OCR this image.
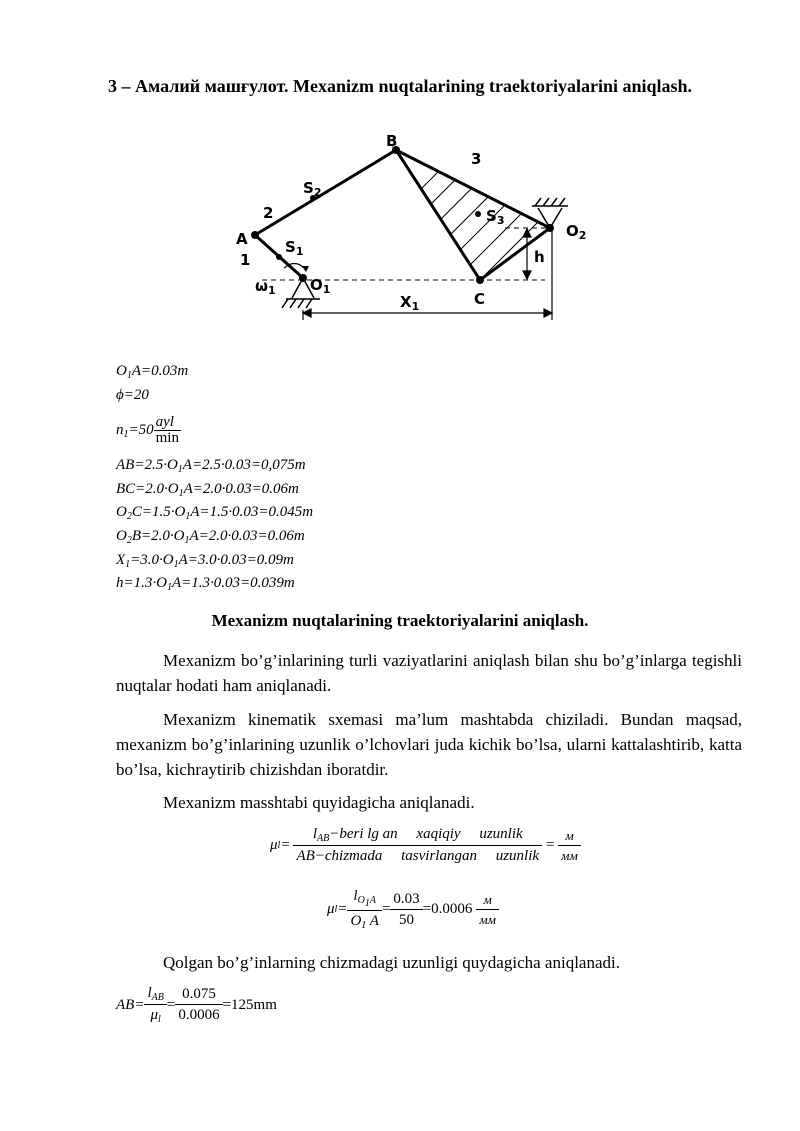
3 – Амалий машғулот. Mexanizm nuqtalarining traektoriyalarini aniqlash.
B
3
$S_2$
2	$S_3$
A	$O_2$
$S_1$	h
1
$\omega_1$ $O_1$
$X_1$	C
$O_1A=0.03m$
ϕ=20
$n_1=50 \frac{\text{ayl}}{\min}$
$AB=2.5\cdot O_1A=2.5\cdot 0.03=0,075m$
$BC=2.0\cdot O_1A=2.0\cdot 0.03=0.06m$
$O_2C=1.5\cdot O_1A=1.5\cdot 0.03=0.045m$
$O_2B=2.0\cdot O_1A=2.0\cdot 0.03=0.06m$
$X_1=3.0\cdot O_1A=3.0\cdot 0.03=0.09m$
$h=1.3\cdot O_1A=1.3\cdot 0.03=0.039m$
Mexanizm nuqtalarining traektoriyalarini aniqlash.
Mexanizm bo’g’inlarining turli vaziyatlarini aniqlash bilan shu bo’g’inlarga tegishli nuqtalar hodati ham aniqlanadi.
Mexanizm kinematik sxemasi ma’lum mashtabda chiziladi. Bundan maqsad, mexanizm bo’g’inlarining uzunlik o’lchovlari juda kichik bo’lsa, ularni kattalashtirib, katta bo’lsa, kichraytirib chizishdan iboratdir.
Mexanizm masshtabi quyidagicha aniqlanadi.
μ l =
$l_{AB}-beri$ lg an     xaqiqiy     uzunlik
AB−chizmada     tasvirlangan     uzunlik
=
м
мм
μ $l = \frac{l_{O_1A}}{O_1 A} = \frac{0.03}{50} =0.0006$
м
мм
Qolgan bo’g’inlarning chizmadagi uzunligi quydagicha aniqlanadi.
AB=
$l_{AB}$
$\mu_l$
= $\frac{0.075}{0.0006} =125mm$
